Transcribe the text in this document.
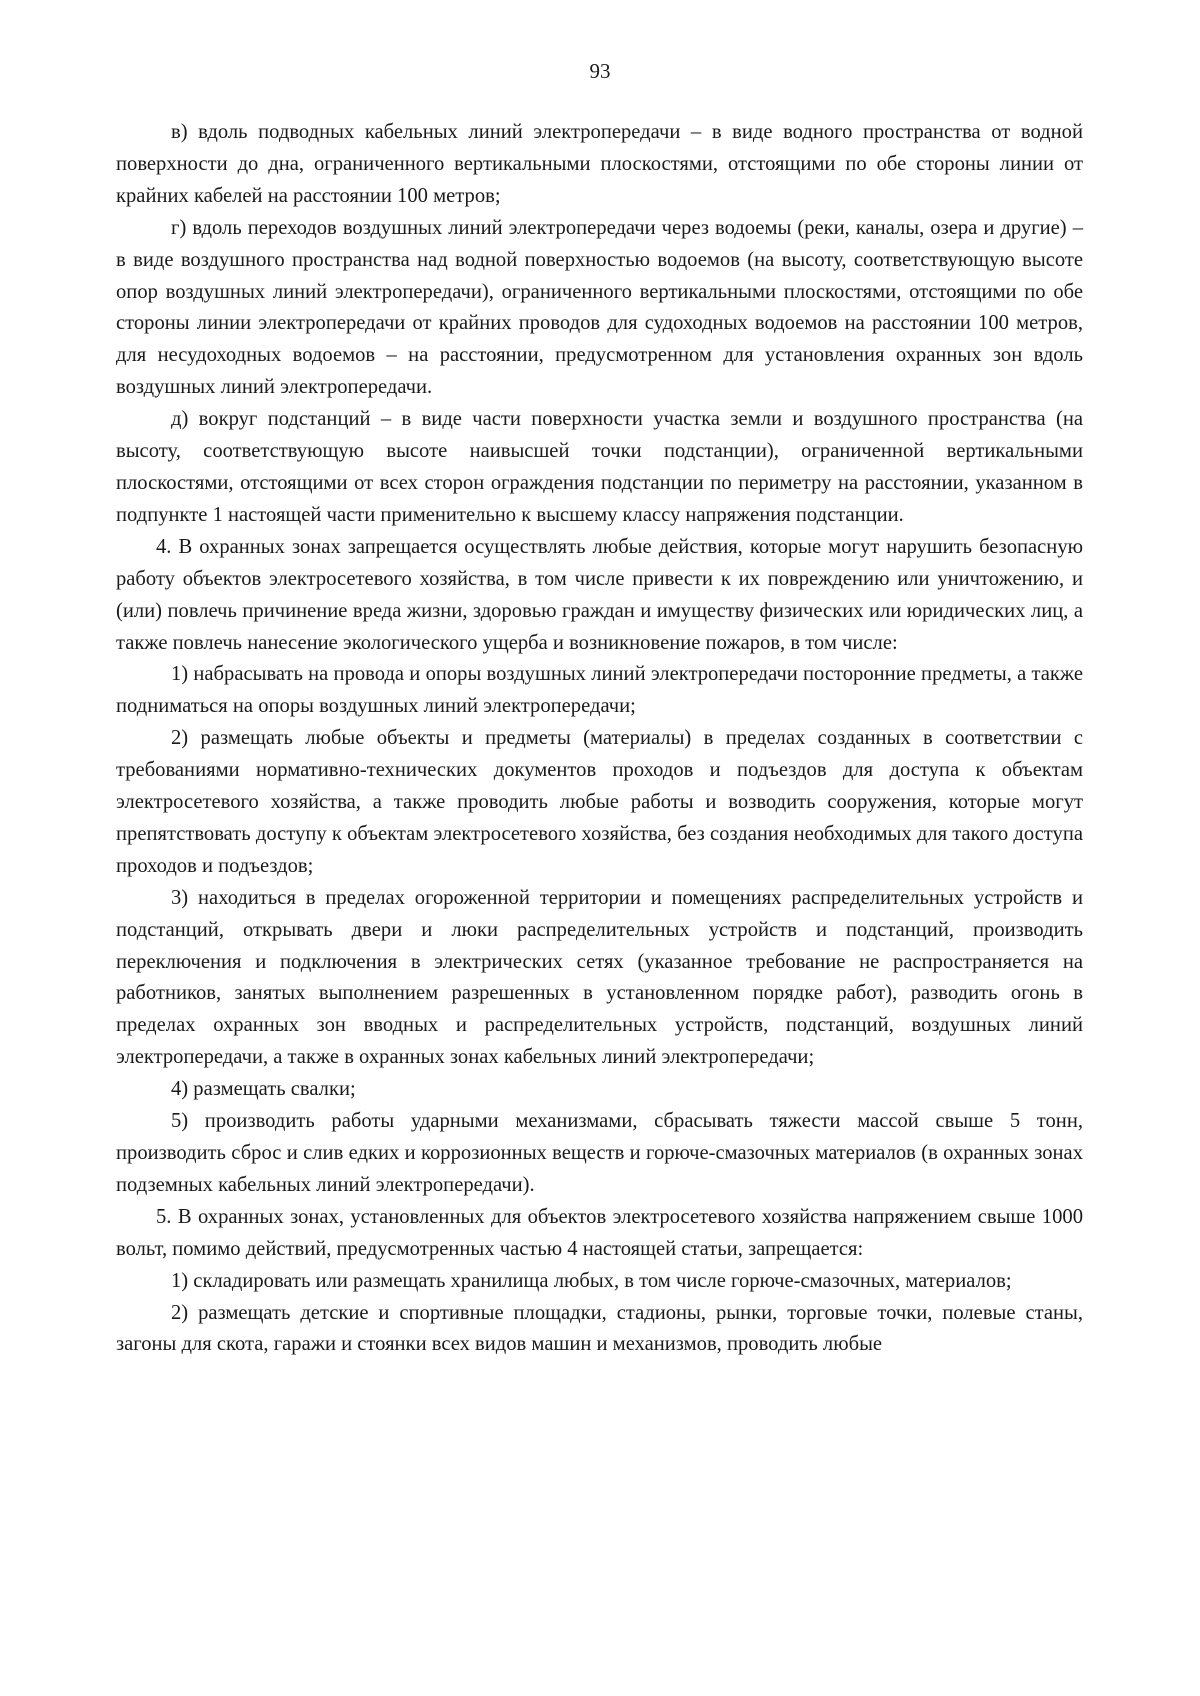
93

в) вдоль подводных кабельных линий электропередачи – в виде водного пространства от водной поверхности до дна, ограниченного вертикальными плоскостями, отстоящими по обе стороны линии от крайних кабелей на расстоянии 100 метров;

г) вдоль переходов воздушных линий электропередачи через водоемы (реки, каналы, озера и другие) – в виде воздушного пространства над водной поверхностью водоемов (на высоту, соответствующую высоте опор воздушных линий электропередачи), ограниченного вертикальными плоскостями, отстоящими по обе стороны линии электропередачи от крайних проводов для судоходных водоемов на расстоянии 100 метров, для несудоходных водоемов – на расстоянии, предусмотренном для установления охранных зон вдоль воздушных линий электропередачи.

д) вокруг подстанций – в виде части поверхности участка земли и воздушного пространства (на высоту, соответствующую высоте наивысшей точки подстанции), ограниченной вертикальными плоскостями, отстоящими от всех сторон ограждения подстанции по периметру на расстоянии, указанном в подпункте 1 настоящей части применительно к высшему классу напряжения подстанции.

4. В охранных зонах запрещается осуществлять любые действия, которые могут нарушить безопасную работу объектов электросетевого хозяйства, в том числе привести к их повреждению или уничтожению, и (или) повлечь причинение вреда жизни, здоровью граждан и имуществу физических или юридических лиц, а также повлечь нанесение экологического ущерба и возникновение пожаров, в том числе:

1) набрасывать на провода и опоры воздушных линий электропередачи посторонние предметы, а также подниматься на опоры воздушных линий электропередачи;

2) размещать любые объекты и предметы (материалы) в пределах созданных в соответствии с требованиями нормативно-технических документов проходов и подъездов для доступа к объектам электросетевого хозяйства, а также проводить любые работы и возводить сооружения, которые могут препятствовать доступу к объектам электросетевого хозяйства, без создания необходимых для такого доступа проходов и подъездов;

3) находиться в пределах огороженной территории и помещениях распределительных устройств и подстанций, открывать двери и люки распределительных устройств и подстанций, производить переключения и подключения в электрических сетях (указанное требование не распространяется на работников, занятых выполнением разрешенных в установленном порядке работ), разводить огонь в пределах охранных зон вводных и распределительных устройств, подстанций, воздушных линий электропередачи, а также в охранных зонах кабельных линий электропередачи;

4) размещать свалки;

5) производить работы ударными механизмами, сбрасывать тяжести массой свыше 5 тонн, производить сброс и слив едких и коррозионных веществ и горюче-смазочных материалов (в охранных зонах подземных кабельных линий электропередачи).

5. В охранных зонах, установленных для объектов электросетевого хозяйства напряжением свыше 1000 вольт, помимо действий, предусмотренных частью 4 настоящей статьи, запрещается:

1) складировать или размещать хранилища любых, в том числе горюче-смазочных, материалов;

2) размещать детские и спортивные площадки, стадионы, рынки, торговые точки, полевые станы, загоны для скота, гаражи и стоянки всех видов машин и механизмов, проводить любые
